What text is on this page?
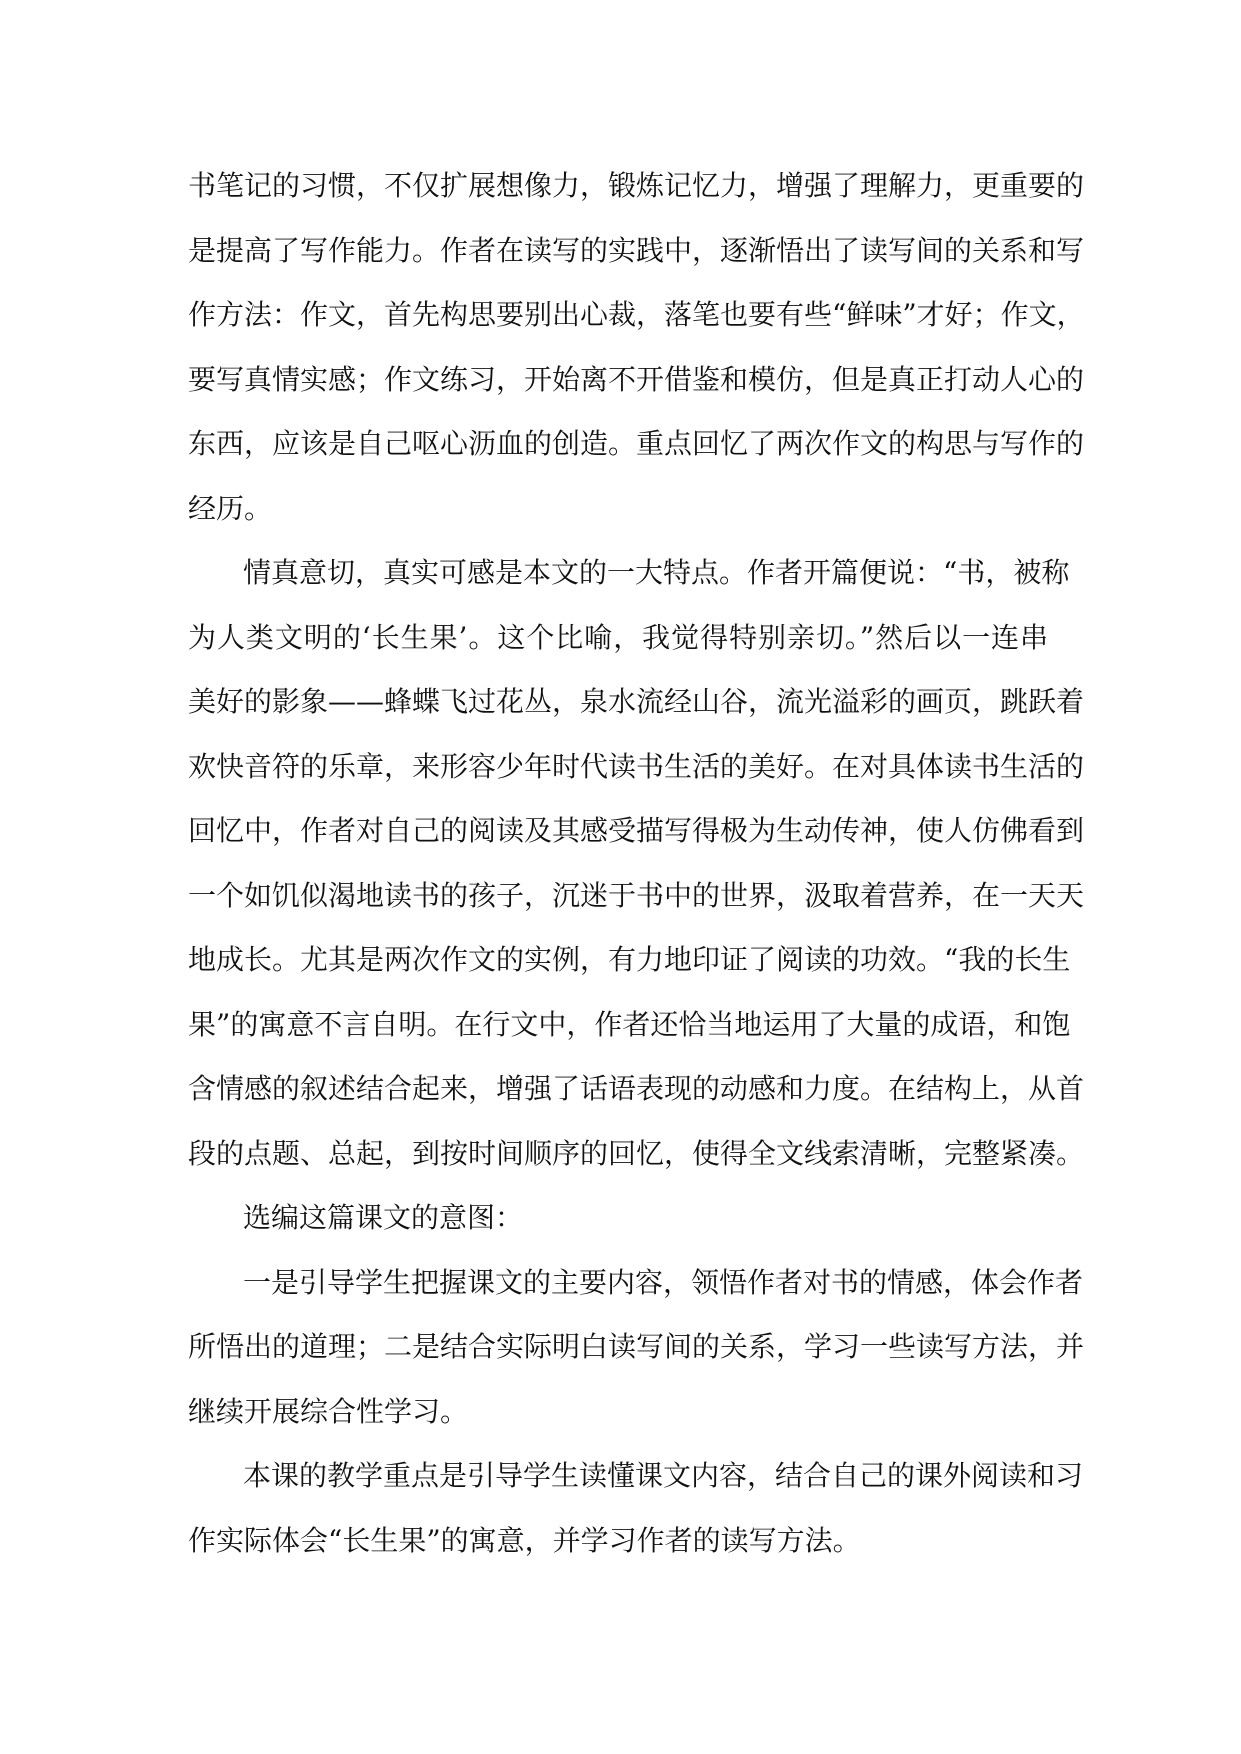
书笔记的习惯，不仅扩展想像力，锻炼记忆力，增强了理解力，更重要的
是提高了写作能力。作者在读写的实践中，逐渐悟出了读写间的关系和写
作方法：作文，首先构思要别出心裁，落笔也要有些“鲜味”才好；作文，
要写真情实感；作文练习，开始离不开借鉴和模仿，但是真正打动人心的
东西，应该是自己呕心沥血的创造。重点回忆了两次作文的构思与写作的
经历。
情真意切，真实可感是本文的一大特点。作者开篇便说：“书，被称
为人类文明的‘长生果’。这个比喻，我觉得特别亲切。”然后以一连串
美好的影象——蜂蝶飞过花丛，泉水流经山谷，流光溢彩的画页，跳跃着
欢快音符的乐章，来形容少年时代读书生活的美好。在对具体读书生活的
回忆中，作者对自己的阅读及其感受描写得极为生动传神，使人仿佛看到
一个如饥似渴地读书的孩子，沉迷于书中的世界，汲取着营养，在一天天
地成长。尤其是两次作文的实例，有力地印证了阅读的功效。“我的长生
果”的寓意不言自明。在行文中，作者还恰当地运用了大量的成语，和饱
含情感的叙述结合起来，增强了话语表现的动感和力度。在结构上，从首
段的点题、总起，到按时间顺序的回忆，使得全文线索清晰，完整紧凑。
选编这篇课文的意图：
一是引导学生把握课文的主要内容，领悟作者对书的情感，体会作者
所悟出的道理；二是结合实际明白读写间的关系，学习一些读写方法，并
继续开展综合性学习。
本课的教学重点是引导学生读懂课文内容，结合自己的课外阅读和习
作实际体会“长生果”的寓意，并学习作者的读写方法。
